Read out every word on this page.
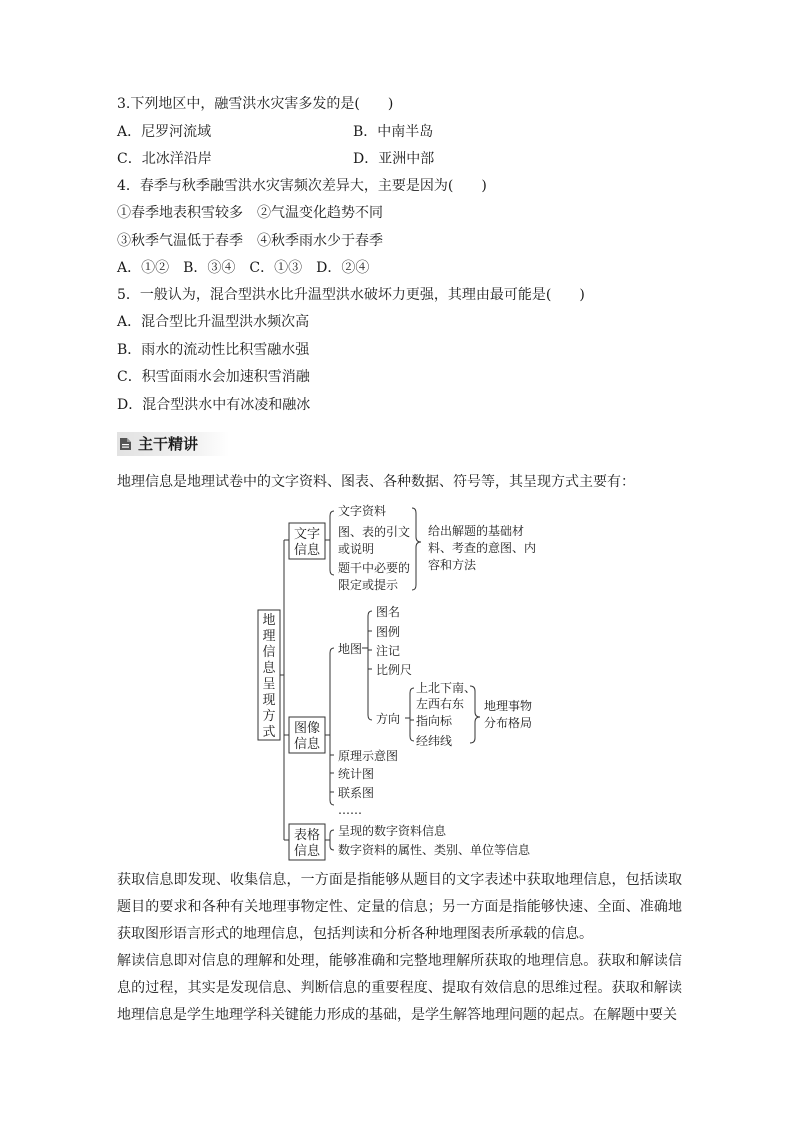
3.下列地区中，融雪洪水灾害多发的是(　　)
A．尼罗河流域	B．中南半岛
C．北冰洋沿岸	D．亚洲中部
4．春季与秋季融雪洪水灾害频次差异大，主要是因为(　　)
①春季地表积雪较多　②气温变化趋势不同
③秋季气温低于春季　④秋季雨水少于春季
A．①②　B．③④　C．①③　D．②④
5．一般认为，混合型洪水比升温型洪水破坏力更强，其理由最可能是(　　)
A．混合型比升温型洪水频次高
B．雨水的流动性比积雪融水强
C．积雪面雨水会加速积雪消融
D．混合型洪水中有冰凌和融冰
主干精讲
地理信息是地理试卷中的文字资料、图表、各种数据、符号等，其呈现方式主要有：
地
理
信
息
呈
现
方
式
文字
信息
图像
信息
表格
信息
文字资料
图、表的引文
或说明
题干中必要的
限定或提示
给出解题的基础材
料、考查的意图、内
容和方法
地图
图名
图例
注记
比例尺
方向
上北下南、
左西右东
指向标
经纬线
地理事物
分布格局
原理示意图
统计图
联系图
……
呈现的数字资料信息
数字资料的属性、类别、单位等信息

获取信息即发现、收集信息，一方面是指能够从题目的文字表述中获取地理信息，包括读取题目的要求和各种有关地理事物定性、定量的信息；另一方面是指能够快速、全面、准确地获取图形语言形式的地理信息，包括判读和分析各种地理图表所承载的信息。

解读信息即对信息的理解和处理，能够准确和完整地理解所获取的地理信息。获取和解读信息的过程，其实是发现信息、判断信息的重要程度、提取有效信息的思维过程。获取和解读地理信息是学生地理学科关键能力形成的基础，是学生解答地理问题的起点。在解题中要关
